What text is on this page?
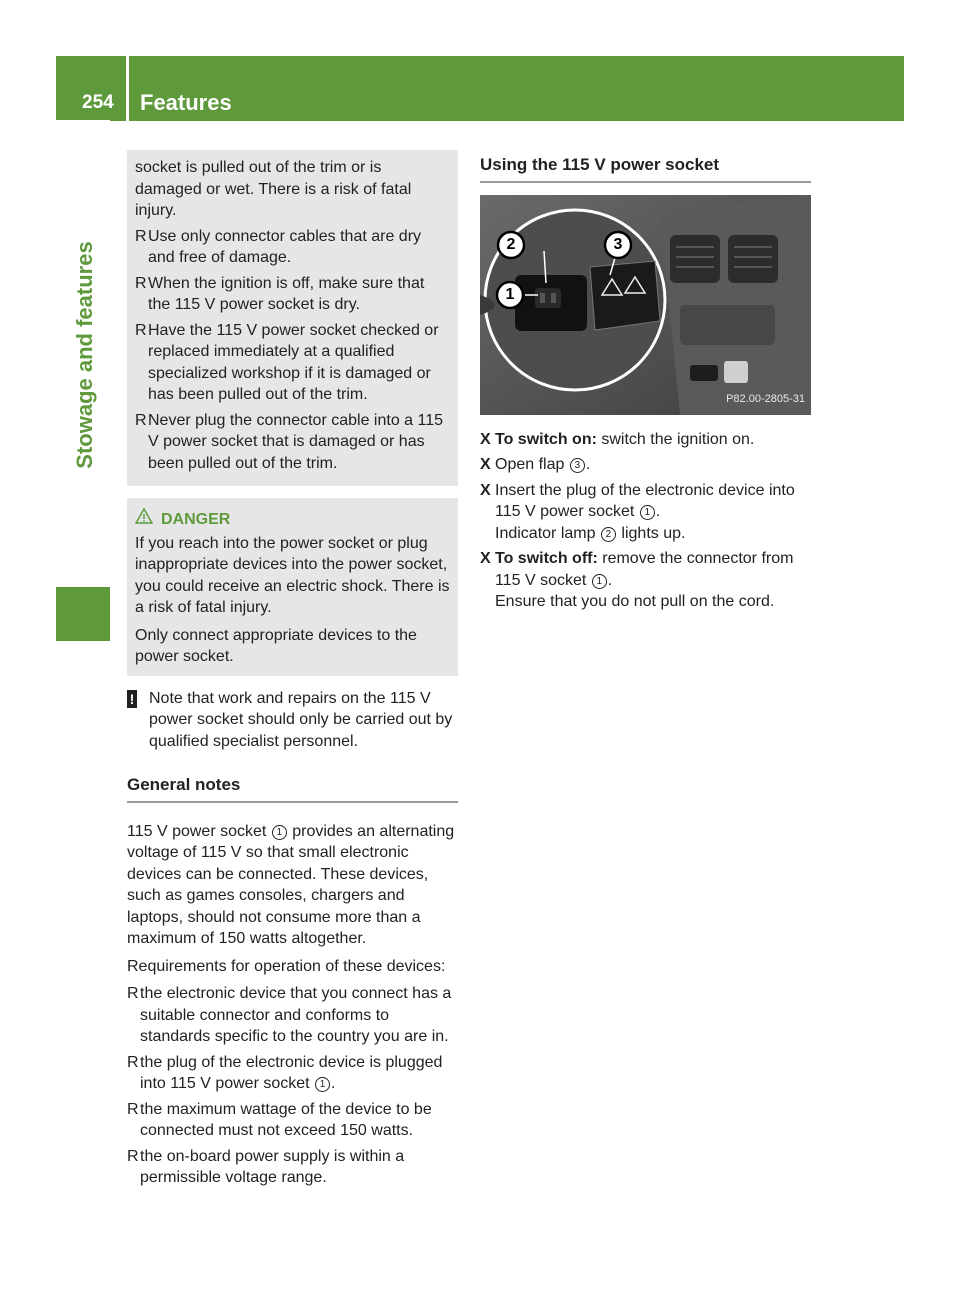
254 Features
Stowage and features

socket is pulled out of the trim or is damaged or wet. There is a risk of fatal injury.

R Use only connector cables that are dry and free of damage.
R When the ignition is off, make sure that the 115 V power socket is dry.
R Have the 115 V power socket checked or replaced immediately at a qualified specialized workshop if it is damaged or has been pulled out of the trim.
R Never plug the connector cable into a 115 V power socket that is damaged or has been pulled out of the trim.
DANGER

If you reach into the power socket or plug inappropriate devices into the power socket, you could receive an electric shock. There is a risk of fatal injury.

Only connect appropriate devices to the power socket.

! Note that work and repairs on the 115 V power socket should only be carried out by qualified specialist personnel.
General notes

115 V power socket 1 provides an alternating voltage of 115 V so that small electronic devices can be connected. These devices, such as games consoles, chargers and laptops, should not consume more than a maximum of 150 watts altogether.

Requirements for operation of these devices:

R the electronic device that you connect has a suitable connector and conforms to standards specific to the country you are in.
R the plug of the electronic device is plugged into 115 V power socket 1 .
R the maximum wattage of the device to be connected must not exceed 150 watts.
R the on-board power supply is within a permissible voltage range.
Using the 115 V power socket
2	3
1
P82.00-2805-31
X To switch on: switch the ignition on.
X Open flap 3 .
X Insert the plug of the electronic device into 115 V power socket 1 .
Indicator lamp 2 lights up.
X To switch off: remove the connector from 115 V socket 1 .
Ensure that you do not pull on the cord.
